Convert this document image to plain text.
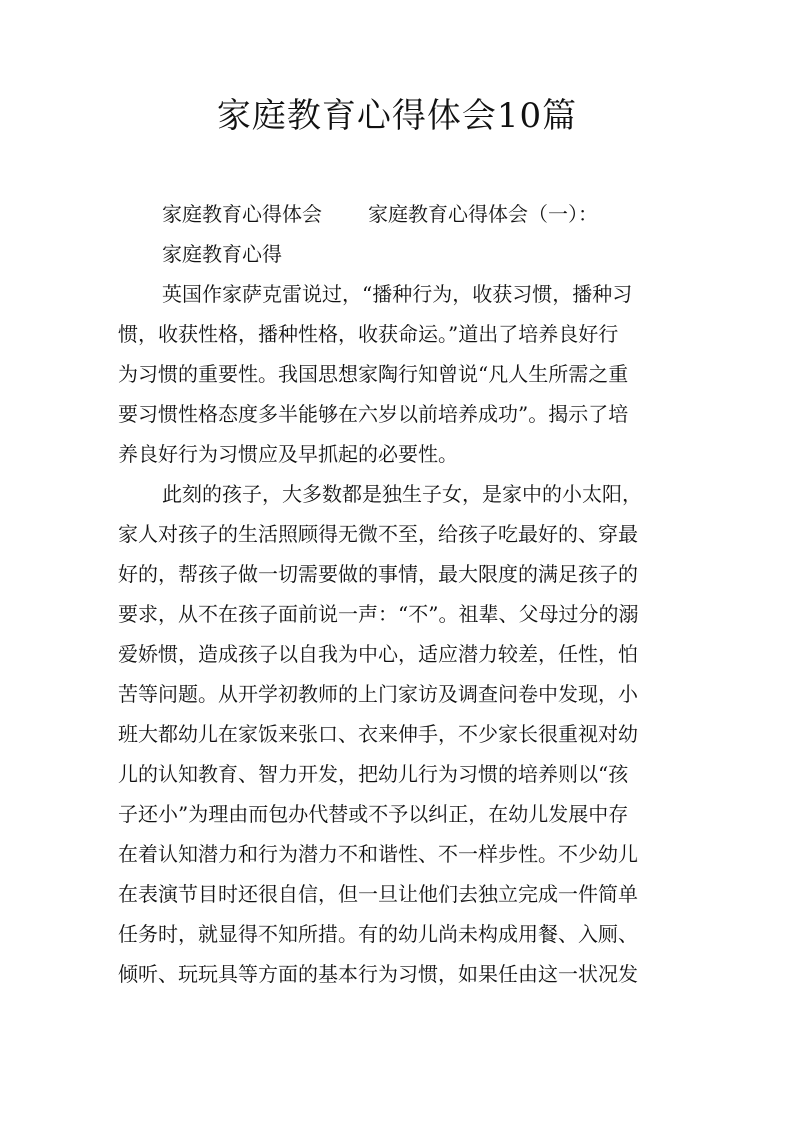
家庭教育心得体会10篇
家庭教育心得体会 家庭教育心得体会（一）：
家庭教育心得
英国作家萨克雷说过，“播种行为，收获习惯，播种习
惯，收获性格，播种性格，收获命运。”道出了培养良好行
为习惯的重要性。我国思想家陶行知曾说“凡人生所需之重
要习惯性格态度多半能够在六岁以前培养成功”。揭示了培
养良好行为习惯应及早抓起的必要性。
此刻的孩子，大多数都是独生子女，是家中的小太阳，
家人对孩子的生活照顾得无微不至，给孩子吃最好的、穿最
好的，帮孩子做一切需要做的事情，最大限度的满足孩子的
要求，从不在孩子面前说一声：“不”。祖辈、父母过分的溺
爱娇惯，造成孩子以自我为中心，适应潜力较差，任性，怕
苦等问题。从开学初教师的上门家访及调查问卷中发现，小
班大都幼儿在家饭来张口、衣来伸手，不少家长很重视对幼
儿的认知教育、智力开发，把幼儿行为习惯的培养则以“孩
子还小”为理由而包办代替或不予以纠正，在幼儿发展中存
在着认知潜力和行为潜力不和谐性、不一样步性。不少幼儿
在表演节目时还很自信，但一旦让他们去独立完成一件简单
任务时，就显得不知所措。有的幼儿尚未构成用餐、入厕、
倾听、玩玩具等方面的基本行为习惯，如果任由这一状况发
